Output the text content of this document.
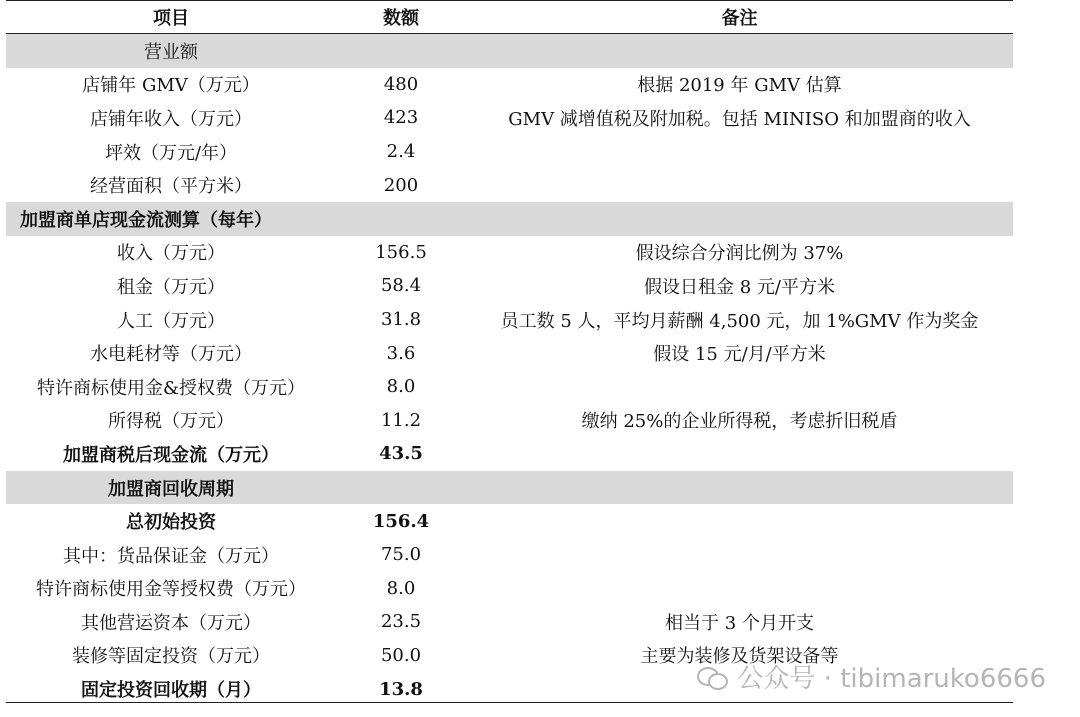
项目	数额	备注
营业额		
店铺年 GMV（万元）	480	根据 2019 年 GMV 估算
店铺年收入（万元）	423	GMV 减增值税及附加税。包括 MINISO 和加盟商的收入
坪效（万元/年）	2.4	
经营面积（平方米）	200	
加盟商单店现金流测算（每年）		
收入（万元）	156.5	假设综合分润比例为 37%
租金（万元）	58.4	假设日租金 8 元/平方米
人工（万元）	31.8	员工数 5 人，平均月薪酬 4,500 元，加 1%GMV 作为奖金
水电耗材等（万元）	3.6	假设 15 元/月/平方米
特许商标使用金&授权费（万元）	8.0	
所得税（万元）	11.2	缴纳 25%的企业所得税，考虑折旧税盾
加盟商税后现金流（万元）	43.5	
加盟商回收周期		
总初始投资	156.4	
其中：货品保证金（万元）	75.0	
特许商标使用金等授权费（万元）	8.0	
其他营运资本（万元）	23.5	相当于 3 个月开支
装修等固定投资（万元）	50.0	主要为装修及货架设备等
固定投资回收期（月）	13.8		公众号 · tibimaruko6666
